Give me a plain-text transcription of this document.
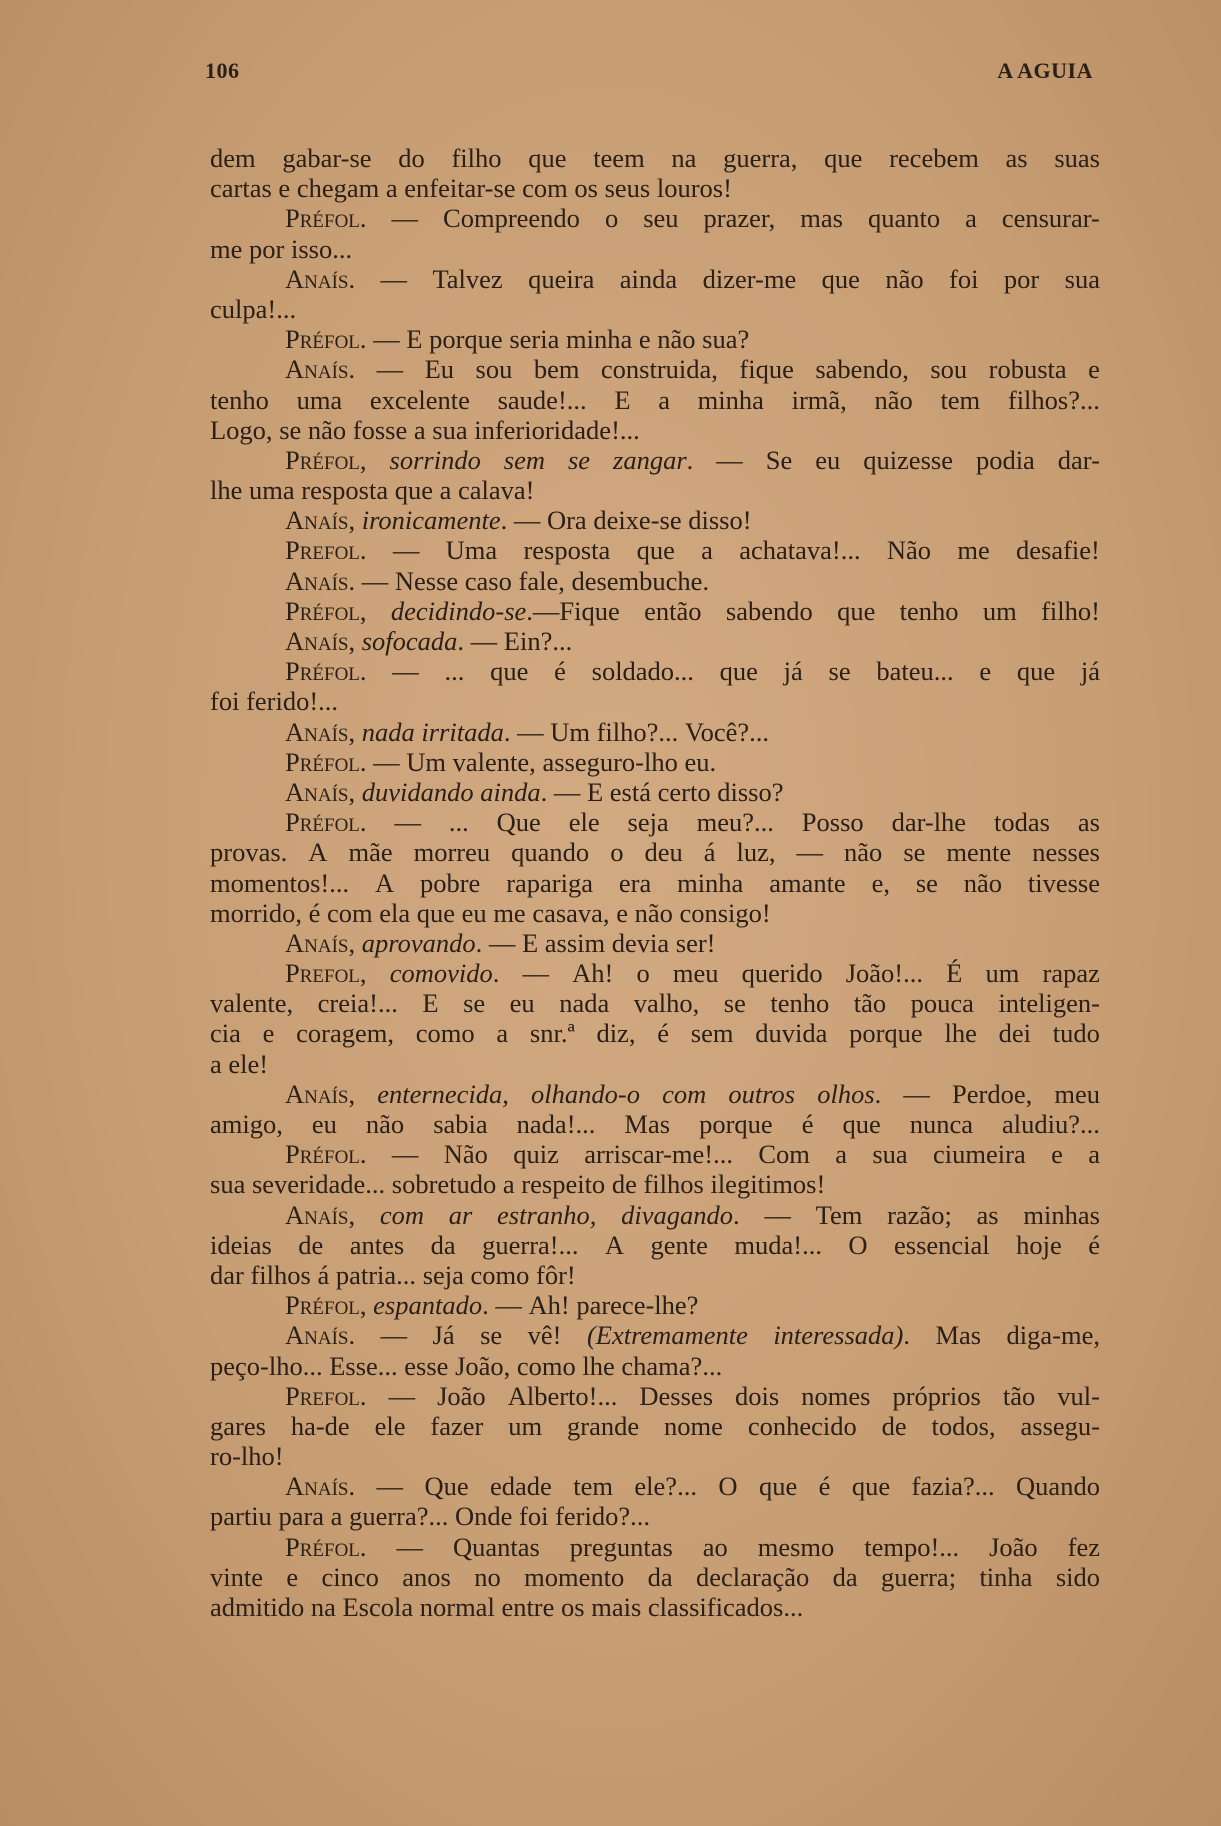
106	A AGUIA
dem gabar-se do filho que teem na guerra, que recebem as suas
cartas
e
chegam
a
enfeitar-se
com
os
seus
louros!
Préfol. — Compreendo o seu prazer, mas quanto a censurar-
me
por
isso...
Anaís. — Talvez queira ainda dizer-me que não foi por sua
culpa!...
Préfol.
—
E
porque
seria
minha
e
não
sua?
Anaís. — Eu sou bem construida, fique sabendo, sou robusta e
tenho uma excelente saude!... E a minha irmã, não tem filhos?...
Logo,
se
não
fosse
a
sua
inferioridade!...
Préfol, sorrindo sem se zangar. — Se eu quizesse podia dar-
lhe
uma
resposta
que
a
calava!
Anaís,
ironicamente.
—
Ora
deixe-se
disso!
Prefol. — Uma resposta que a achatava!... Não me desafie!
Anaís.
—
Nesse
caso
fale,
desembuche.
Préfol, decidindo-se.—Fique então sabendo que tenho um filho!
Anaís,
sofocada.
—
Ein?...
Préfol. — ... que é soldado... que já se bateu... e que já
foi
ferido!...
Anaís,
nada
irritada.
—
Um
filho?...
Você?...
Préfol.
—
Um
valente,
asseguro-lho
eu.
Anaís,
duvidando
ainda.
—
E
está
certo
disso?
Préfol. — ... Que ele seja meu?... Posso dar-lhe todas as
provas. A mãe morreu quando o deu á luz, — não se mente nesses
momentos!... A pobre rapariga era minha amante e, se não tivesse
morrido,
é
com
ela
que
eu
me
casava,
e
não
consigo!
Anaís,
aprovando.
—
E
assim
devia
ser!
Prefol, comovido. — Ah! o meu querido João!... É um rapaz
valente, creia!... E se eu nada valho, se tenho tão pouca inteligen-
cia e coragem, como a snr.ª diz, é sem duvida porque lhe dei tudo
a
ele!
Anaís, enternecida, olhando-o com outros olhos. — Perdoe, meu
amigo, eu não sabia nada!... Mas porque é que nunca aludiu?...
Préfol. — Não quiz arriscar-me!... Com a sua ciumeira e a
sua
severidade...
sobretudo
a
respeito
de
filhos
ilegitimos!
Anaís, com ar estranho, divagando. — Tem razão; as minhas
ideias de antes da guerra!... A gente muda!... O essencial hoje é
dar
filhos
á
patria...
seja
como
fôr!
Préfol,
espantado.
—
Ah!
parece-lhe?
Anaís. — Já se vê! (Extremamente interessada). Mas diga-me,
peço-lho...
Esse...
esse
João,
como
lhe
chama?...
Prefol. — João Alberto!... Desses dois nomes próprios tão vul-
gares ha-de ele fazer um grande nome conhecido de todos, assegu-
ro-lho!
Anaís. — Que edade tem ele?... O que é que fazia?... Quando
partiu
para
a
guerra?...
Onde
foi
ferido?...
Préfol. — Quantas preguntas ao mesmo tempo!... João fez
vinte e cinco anos no momento da declaração da guerra; tinha sido
admitido
na
Escola
normal
entre
os
mais
classificados...
